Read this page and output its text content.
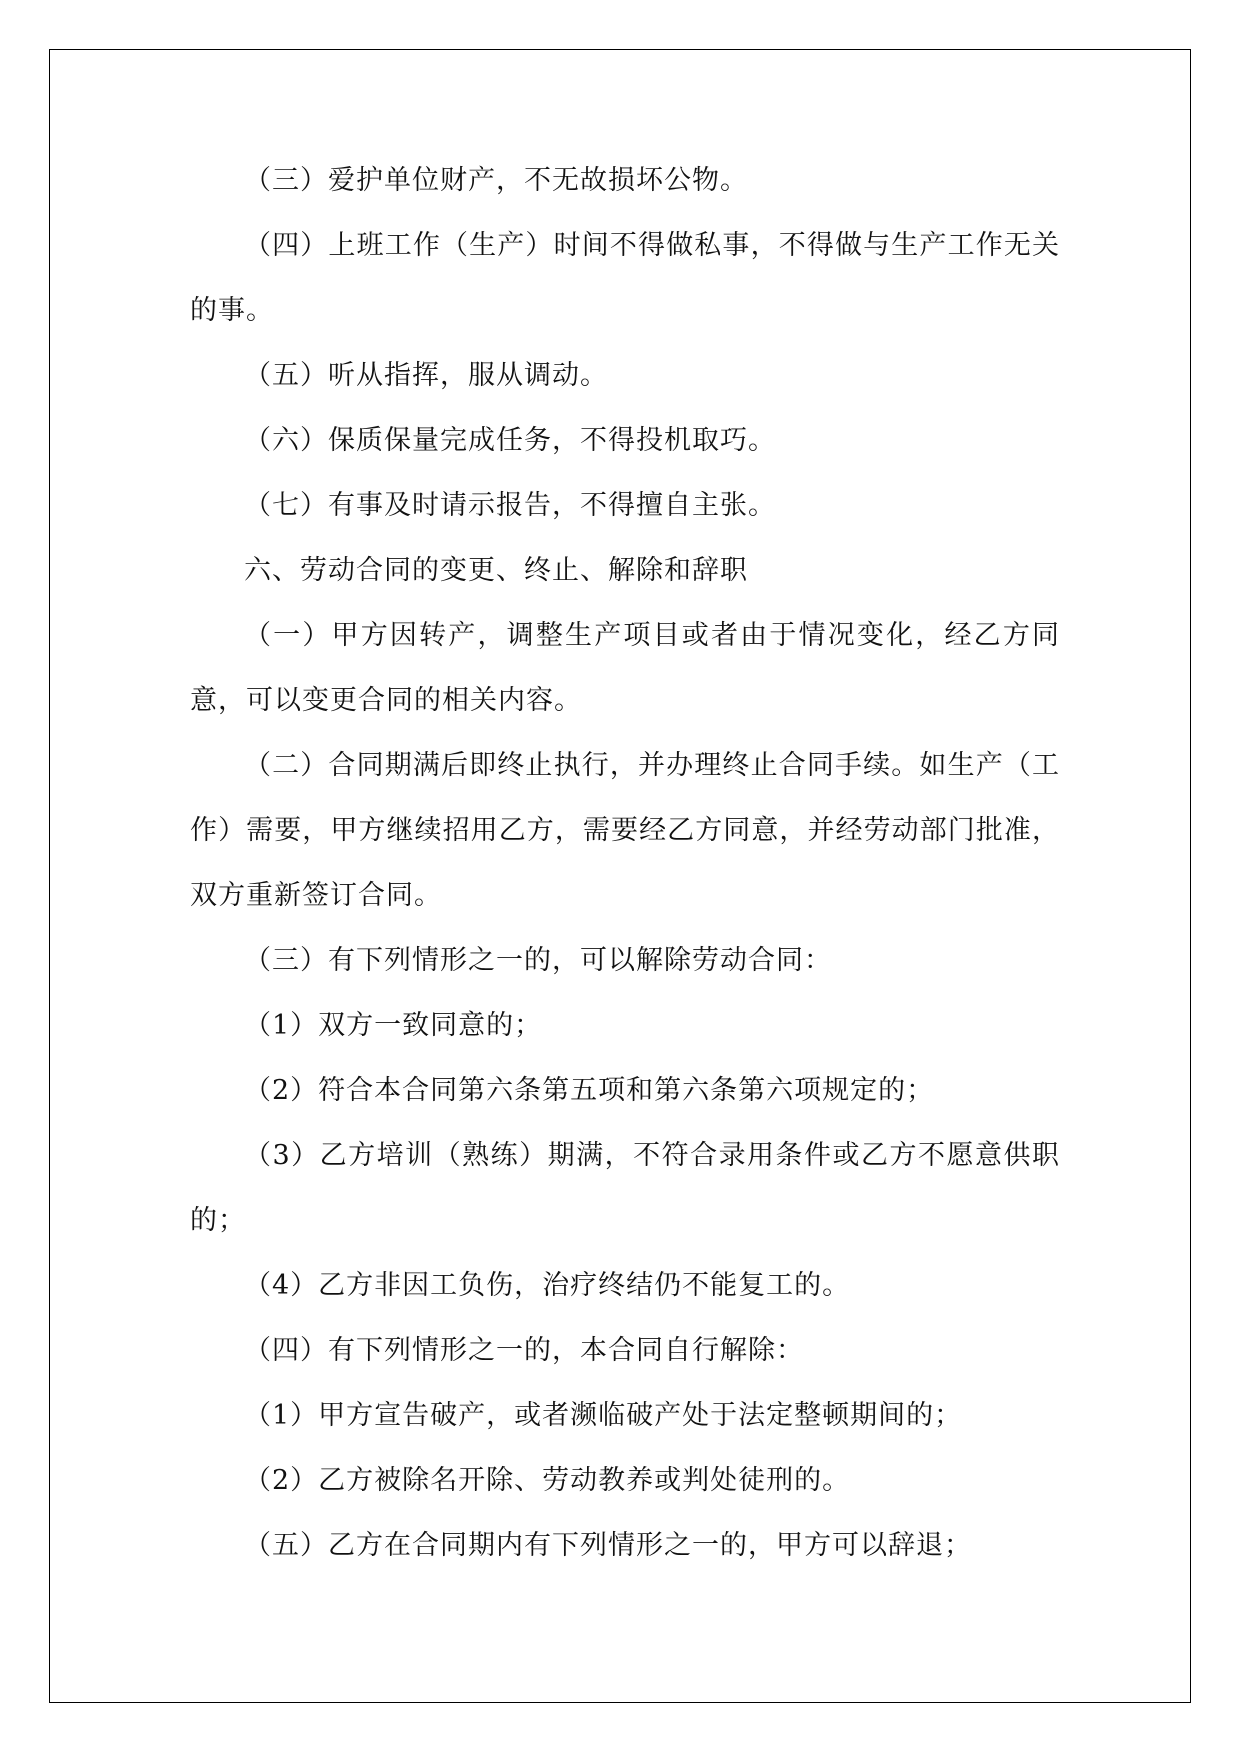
（三）爱护单位财产，不无故损坏公物。

（四）上班工作（生产）时间不得做私事，不得做与生产工作无关的事。

（五）听从指挥，服从调动。

（六）保质保量完成任务，不得投机取巧。

（七）有事及时请示报告，不得擅自主张。

六、劳动合同的变更、终止、解除和辞职

（一）甲方因转产，调整生产项目或者由于情况变化，经乙方同意，可以变更合同的相关内容。

（二）合同期满后即终止执行，并办理终止合同手续。如生产（工作）需要，甲方继续招用乙方，需要经乙方同意，并经劳动部门批准，双方重新签订合同。

（三）有下列情形之一的，可以解除劳动合同：

（1）双方一致同意的；

（2）符合本合同第六条第五项和第六条第六项规定的；

（3）乙方培训（熟练）期满，不符合录用条件或乙方不愿意供职的；

（4）乙方非因工负伤，治疗终结仍不能复工的。

（四）有下列情形之一的，本合同自行解除：

（1）甲方宣告破产，或者濒临破产处于法定整顿期间的；

（2）乙方被除名开除、劳动教养或判处徒刑的。

（五）乙方在合同期内有下列情形之一的，甲方可以辞退；
